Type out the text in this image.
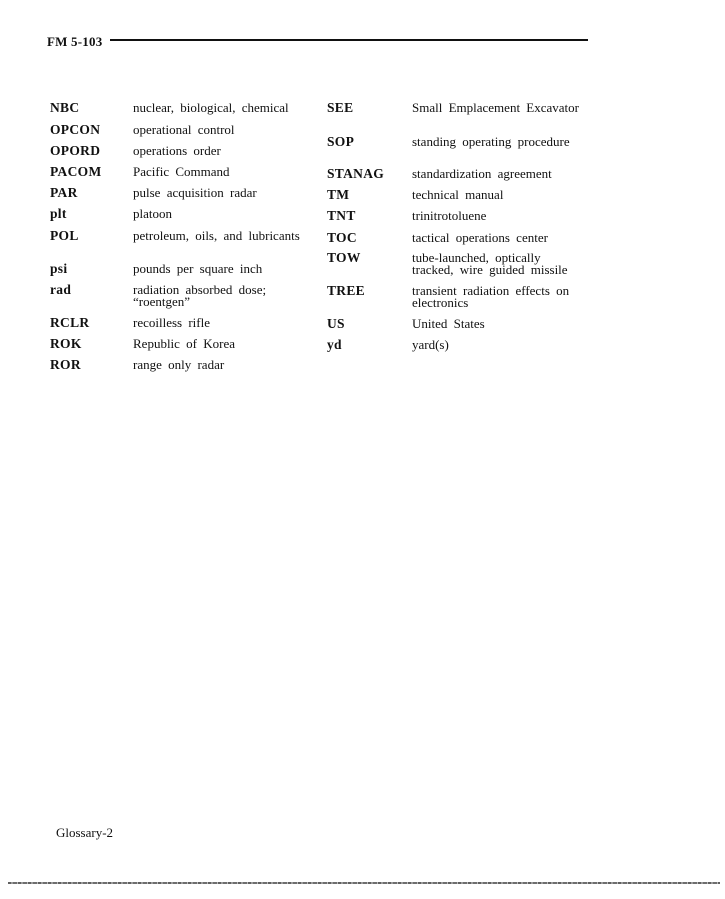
FM 5-103
NBC	nuclear, biological, chemical
OPCON	operational control
OPORD	operations order
PACOM Pacific Command
PAR	pulse acquisition radar
plt	platoon
POL	petroleum, oils, and lubricants
psi	pounds per square inch
rad	radiation absorbed dose; “roentgen”
RCLR	recoilless rifle
ROK	Republic of Korea
ROR	range only radar
SEE	Small Emplacement Excavator
SOP	standing operating procedure
STANAG standardization agreement
TM	technical manual
TNT	trinitrotoluene
TOC	tactical operations center
TOW	tube-launched, optically tracked, wire guided missile
TREE	transient radiation effects on electronics
US	United States
yd	yard(s)
Glossary-2
